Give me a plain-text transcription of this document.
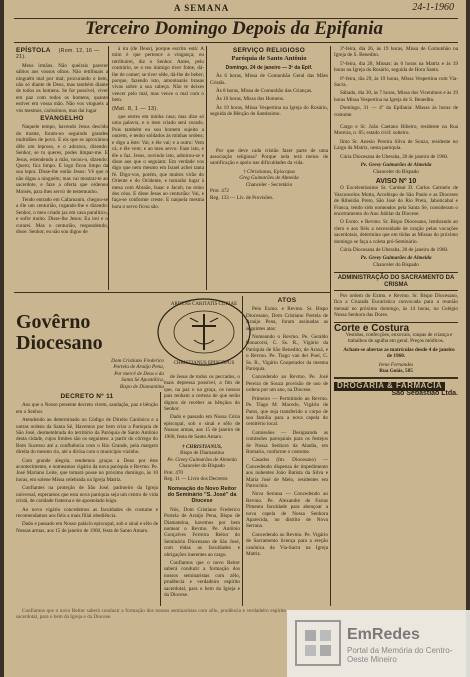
A SEMANA	24-1-1960
Terceiro Domingo Depois da Epifania
EPÍSTOLA (Rom. 12, 16 — 21).

Meus irmãos. Não queirais parecer sábios aos vossos olhos. Não retribuais a ninguém mal por mal; procurando o bem, não só diante de Deus, mas também diante de todos os homens. Se for possível, viver em paz com todos os homens, quanto estiver em vossa mão. Não vos vingueis a vós mesmos, caríssimos, mas dai lugar

EVANGELHO

Naquele tempo, havendo Jesus descido do monte, foram-no seguindo grandes multidões de povo. E eis que se aproximou dêle um leproso, e o adorava, dizendo: Senhor, se tu queres, podes limpar-me. E Jesus, estendendo a mão, tocou-o, dizendo: Quero; fica limpo. E logo ficou limpo da sua lepra. Disse-lhe então Jesus: Vê que o não digas a ninguém; mas vai mostrar-te ao sacerdote, e faze a oferta que ordenou Moisés, para lhes servir de testemunho.

Tendo entrado em Cafarnaum, chegou-se a êle um centurião, rogando-lhe e dizendo: Senhor, o meu criado jaz em casa paralítico, e sofre muito. Disse-lhe Jesus: Eu irei e o curarei. Mas o centurião, respondendo, disse: Senhor, eu não sou digno de

à ira (de Deus), porque escrito está: A mim é que pertence a vingança; eu retribuirei, diz o Senhor. Antes, pelo contrário, se o teu inimigo tiver fome, dá-lhe de comer; se tiver sêde, dá-lhe de beber; porque, fazendo isto, amontoarás brasas vivas sobre a sua cabeça. Não te deixes vencer pelo mal, mas vence o mal com o bem.

(Mat. 8, 1 — 13).

que entres em minha casa; mas dize só uma palavra, e o meu criado será curado. Pois também eu sou homem sujeito a outrem, e tenho soldados às minhas ordens; e digo a êste: Vai, e êle vai; e a outro: Vem cá, e êle vem; e ao meu servo: Faze isto, e êle o faz. Jesus, ouvindo isto, admirou-se e disse aos que o seguiam: Em verdade vos digo que nem mesmo em Israel achei tanta fé. Digo-vos, porém, que muitos virão do Oriente e do Ocidente, e tomarão lugar à mesa com Abraão, Isaac e Jacob, no reino dos céus. E disse Jesus ao centurião: Vai, e faça-se conforme creste. E naquela mesma hora o servo ficou são.

SERVIÇO RELIGIOSO
Paróquia de Santo Antônio
Domingo, 24 de janeiro — 3º da Epif.

Às 6 horas, Missa de Comunhão Geral das Mães Cristãs.

Às 8 horas, Missa de Comunhão das Crianças.

Às 10 horas, Missa dos Homens.

Às 19 horas, Missa Vespertina na Igreja do Rosário, seguida de Bênção do Santíssimo.

Por que deve cada cristão fazer parte de uma associação religiosa? Porque nela terá meios de santificação e apoio nas dificuldades da vida.

† Christianus, Episcopus
Greg Guimarães de Almeida
Chanceler - Secretário
Prot. 472
Reg. 133 — Liv. de Provisões.

3ª-feira, dia 26, às 19 horas, Missa de Comunhão na Igreja de S. Benedito.

5ª-feira, dia 28, Missas: às 6 horas na Matriz e às 19 horas na Igreja do Rosário, seguida de Hora Santa.

6ª-feira, dia 29, às 19 horas, Missa Vespertina com Via-Sacra.

Sábado, dia 30, às 7 horas, Missa dos Vicentinos e às 19 horas Missa Vespertina na Igreja de S. Benedito.

Domingo, 31 — 4º da Epifania: Missas às horas de costume.

Cargo e Sr. João Caetano Ribeiro, residente na Rua Moreira, n. 85; estado civil: solteiro.

Ilmo Sr. Anesio Pereira Silva de Souza, residente no Largo da Matriz, nesta paróquia.

Cúria Diocesana de Uberaba, 20 de janeiro de 1960.

Pe. Greey Guimarães de Almeida
Chanceler do Bispado
AVISO Nº 10

O Excelentíssimo Sr. Cardeal D. Carlos Carmelo de Vasconcelos Motta, Arcebispo de São Paulo e as Dioceses de Ribeirão Preto, São José do Rio Preto, Jaboticabal e Franca, tendo sido nomeados pela Santa Sé, consideram o encerramento do Ano Jubilar da Diocese.

O Exmo. e Revmo. Sr. Bispo Diocesano, lembrando ao clero e aos fiéis a necessidade de oração pelas vocações sacerdotais, determina que em tôdas as Missas do próximo domingo se faça a coleta pró-Seminário.

Cúria Diocesana de Uberaba, 20 de janeiro de 1960.

Pe. Greey Guimarães de Almeida
Chanceler do Bispado
ADMINISTRAÇÃO DO SACRAMENTO DA CRISMA

Por ordem do Exmo. e Revmo. Sr. Bispo Diocesano, fica a Cruzada Eucarística convocada para a reunião mensal no próximo domingo, às 14 horas, no Colégio Nossa Senhora das Dores.

Corte e Costura

Vestidos, confecções, enxovais, roupas de criança e trabalhos de agulha em geral. Preços módicos.

Acham-se abertas as matrículas desde 4 de janeiro de 1960.

Irene Fernandes
Rua Goiás, 585
DROGARIA & FARMÁCIA
São Sebastião Ltda.
Govêrno Diocesano
Dom Cristiano Frederico
Portela de Araújo Pena,
Por mercê de Deus e da
Santa Sé Apostólica,
Bispo de Diamantina
ARDENS CARITATIS CURIAE
CHRISTIANUS EPISCOPUS
DECRETO Nº 11

Aos que o Nosso presente decreto virem, saudação, paz e bênção em o Senhor.

Atendendo ao determinado no Código de Direito Canônico e a outras ordens da Santa Sé, Havemos por bem criar a Paróquia de São José, desmembrada do território da Paróquia de Santo Antônio desta cidade, cujos limites são os seguintes: a partir do córrego do Bom Sucesso até a confluência com o Rio Grande, pela margem direita do mesmo rio, até a divisa com o município vizinho.

Com grande alegria, rendemos graças a Deus por êste acontecimento, e nomeamos vigário da nova paróquia o Revmo. Pe. José Mariano Leite, que tomará posse no próximo domingo, às 10 horas, em solene Missa celebrada na Igreja Matriz.

Confiantes na proteção de São José, padroeiro da Igreja universal, esperamos que esta nova paróquia seja um centro de vida cristã, de caridade fraterna e de apostolado leigo.

Ao novo vigário concedemos as faculdades do costume e recomendamos aos fiéis a mais filial obediência.

Dado e passado em Nosso palácio episcopal, sob o sinal e sêlo de Nossas armas, aos 15 de janeiro de 1960, festa de Santo Amaro.

de Jesus de todos os peccados, o mais depressa possível, a fim de que, na paz e na graça, os nossos pais tenham a certeza de que serão dignos de receber as bênçãos do Senhor.

Dado e passado em Nossa Cúria episcopal, sob o sinal e sêlo de Nossas armas, aos 15 de janeiro de 1960, festa de Santo Amaro.

† CHRISTIANUS,
Bispo de Diamantina
Pe. Greey Guimarães de Almeida
Chanceler do Bispado
Prot. 470
Reg. 11 — Livro dos Decretos
Nomeação do Novo Reitor do Seminário "S. José" da Diocese

Nós, Dom Cristiano Frederico Portela de Araújo Pena, Bispo de Diamantina, havemos por bem nomear o Revmo. Pe. Antônio Gonçalves Ferreira Reitor do Seminário Diocesano de São José, com tôdas as faculdades e obrigações inerentes ao cargo.

Confiamos que o novo Reitor saberá conduzir a formação dos nossos seminaristas com zêlo, prudência e verdadeiro espírito sacerdotal, para o bem da Igreja e da Diocese.

ATOS

Pelo Exmo. e Revmo. Sr. Bispo Diocesano, Dom Cristiano Portela de Araújo Pena, foram assinadas as seguintes atas:

Nomeando o Revmo. Pe. Geraldo Bonacorsi, C. Ss. R., Vigário da Paróquia de São Benedito, de Araxá, e o Revmo. Pe. Tiago van der Poel, C. Ss. R., Vigário Cooperador da mesma Paróquia.

Concedendo ao Revmo. Pe. José Pereira de Souza provisão de uso de ordens por um ano, na Diocese.

Primeiro — Permitindo ao Revmo. Pe. Tiago M. Macedo, Vigário de Patos, que seja transferido o corpo de sua família para a nova capela do cemitério local.

Comissões — Designando as comissões paroquiais para os festejos de Nossa Senhora da Abadia, em Romaria, conforme o costume.

Casados (Im. Diocesano) — Concedendo dispensa de impedimento aos nubentes João Batista da Silva e Maria José de Melo, residentes em Patrocínio.

Nova Serrana — Concedendo ao Revmo. Pe. Alexandre de Farias Pimenta faculdade para abençoar a nova capela de Nossa Senhora Aparecida, no distrito de Nova Serrana.

Concedendo ao Revmo. Pe. Vigário de Sacramento licença para a ereção canônica da Via-Sacra na Igreja Matriz.

Confiamos que o novo Reitor saberá conduzir a formação dos nossos seminaristas com zêlo, prudência e verdadeiro espírito sacerdotal, para o bem da Igreja e da Diocese.

EmRedes
Portal da Memória do Centro-Oeste Mineiro
